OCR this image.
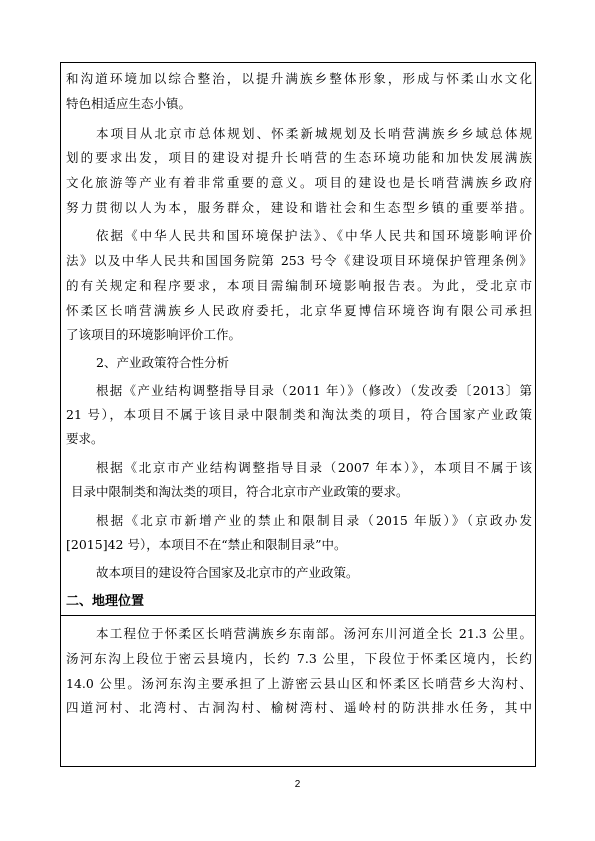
和沟道环境加以综合整治，以提升满族乡整体形象，形成与怀柔山水文化
特色相适应生态小镇。
本项目从北京市总体规划、怀柔新城规划及长哨营满族乡乡域总体规
划的要求出发，项目的建设对提升长哨营的生态环境功能和加快发展满族
文化旅游等产业有着非常重要的意义。项目的建设也是长哨营满族乡政府
努力贯彻以人为本，服务群众，建设和谐社会和生态型乡镇的重要举措。
依据《中华人民共和国环境保护法》、《中华人民共和国环境影响评价
法》以及中华人民共和国国务院第 253 号令《建设项目环境保护管理条例》
的有关规定和程序要求，本项目需编制环境影响报告表。为此，受北京市
怀柔区长哨营满族乡人民政府委托，北京华夏博信环境咨询有限公司承担
了该项目的环境影响评价工作。
2、产业政策符合性分析
根据《产业结构调整指导目录（2011 年）》（修改）（发改委〔2013〕第
21 号），本项目不属于该目录中限制类和淘汰类的项目，符合国家产业政策
要求。
根据《北京市产业结构调整指导目录（2007 年本）》，本项目不属于该
目录中限制类和淘汰类的项目，符合北京市产业政策的要求。
根据《北京市新增产业的禁止和限制目录（2015 年版）》（京政办发
[2015]42 号），本项目不在“禁止和限制目录”中。
故本项目的建设符合国家及北京市的产业政策。
二、地理位置
本工程位于怀柔区长哨营满族乡东南部。汤河东川河道全长 21.3 公里。
汤河东沟上段位于密云县境内，长约 7.3 公里，下段位于怀柔区境内，长约
14.0 公里。汤河东沟主要承担了上游密云县山区和怀柔区长哨营乡大沟村、
四道河村、北湾村、古洞沟村、榆树湾村、遥岭村的防洪排水任务，其中
2
